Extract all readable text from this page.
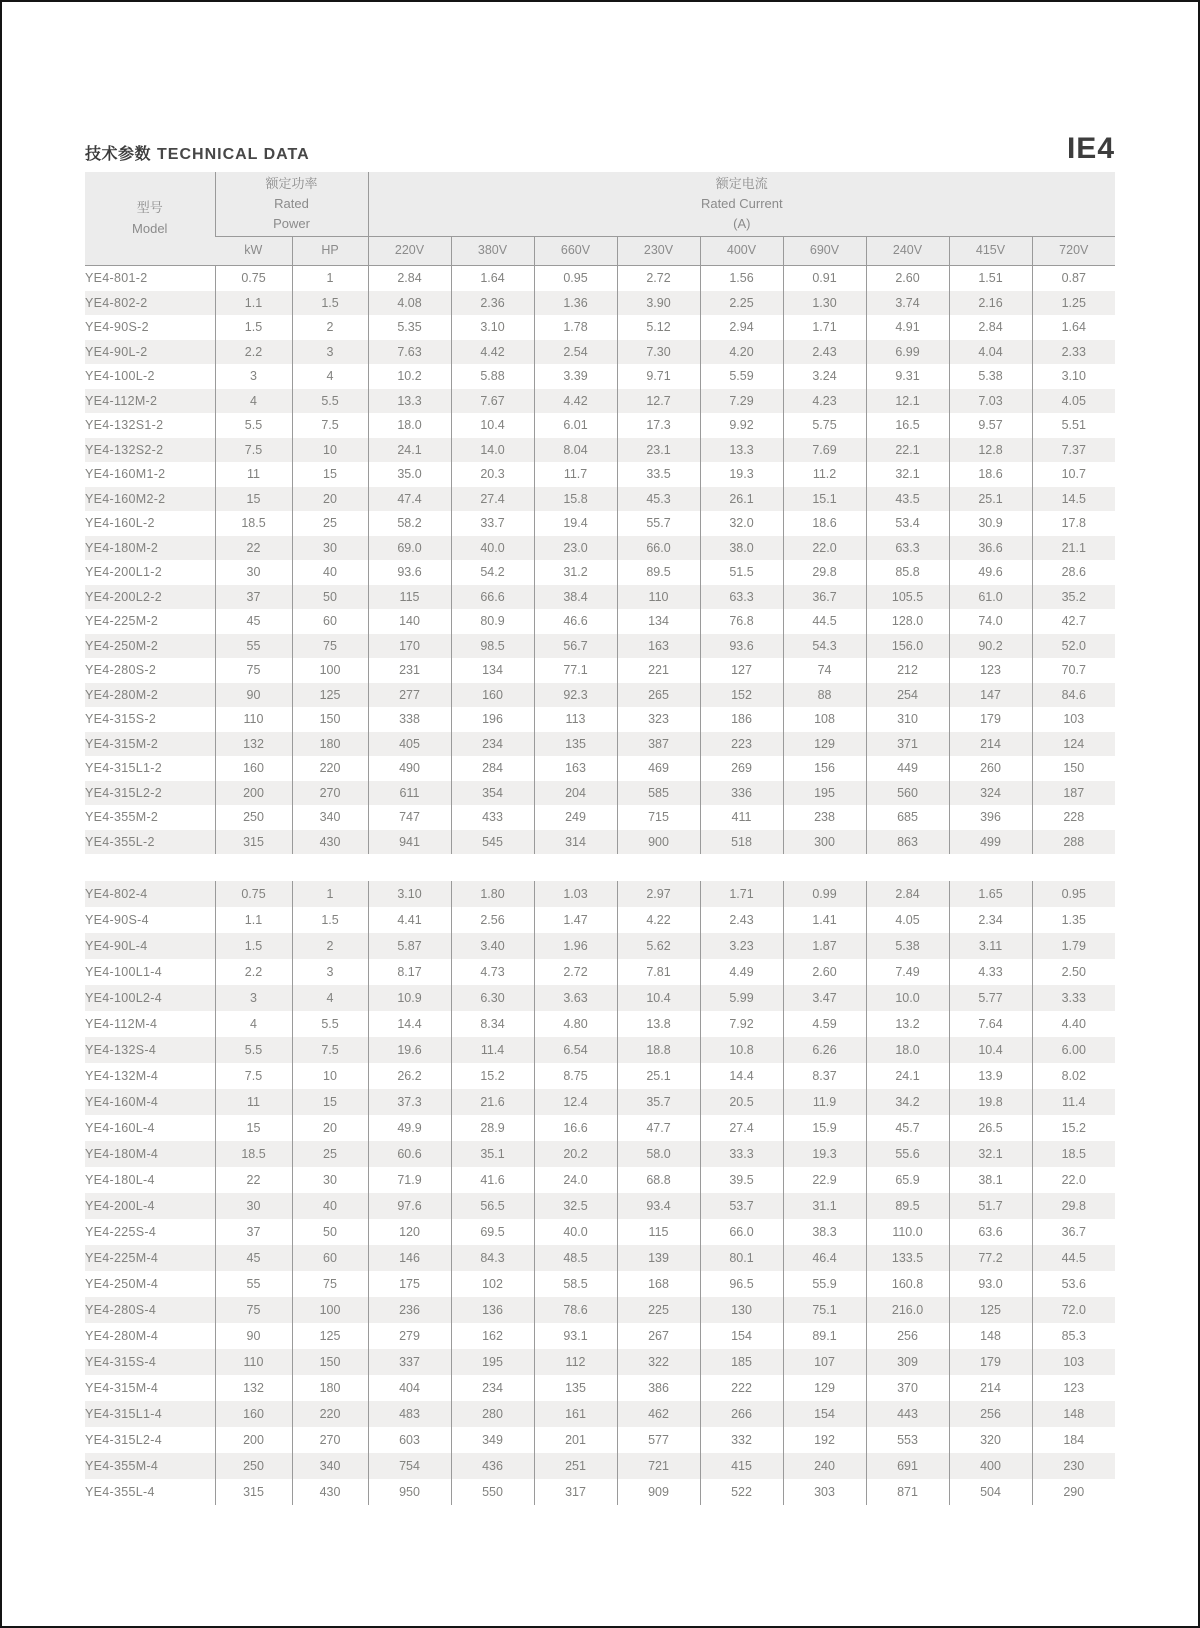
技术参数 TECHNICAL DATA	IE4
型号
Model

额定功率
Rated
Power

额定电流
Rated Current
(A)

	kW	HP	220V	380V	660V	230V	400V	690V	240V	415V	720V
YE4-801-2	0.75	1	2.84	1.64	0.95	2.72	1.56	0.91	2.60	1.51	0.87
YE4-802-2	1.1	1.5	4.08	2.36	1.36	3.90	2.25	1.30	3.74	2.16	1.25
YE4-90S-2	1.5	2	5.35	3.10	1.78	5.12	2.94	1.71	4.91	2.84	1.64
YE4-90L-2	2.2	3	7.63	4.42	2.54	7.30	4.20	2.43	6.99	4.04	2.33
YE4-100L-2	3	4	10.2	5.88	3.39	9.71	5.59	3.24	9.31	5.38	3.10
YE4-112M-2	4	5.5	13.3	7.67	4.42	12.7	7.29	4.23	12.1	7.03	4.05
YE4-132S1-2	5.5	7.5	18.0	10.4	6.01	17.3	9.92	5.75	16.5	9.57	5.51
YE4-132S2-2	7.5	10	24.1	14.0	8.04	23.1	13.3	7.69	22.1	12.8	7.37
YE4-160M1-2	11	15	35.0	20.3	11.7	33.5	19.3	11.2	32.1	18.6	10.7
YE4-160M2-2	15	20	47.4	27.4	15.8	45.3	26.1	15.1	43.5	25.1	14.5
YE4-160L-2	18.5	25	58.2	33.7	19.4	55.7	32.0	18.6	53.4	30.9	17.8
YE4-180M-2	22	30	69.0	40.0	23.0	66.0	38.0	22.0	63.3	36.6	21.1
YE4-200L1-2	30	40	93.6	54.2	31.2	89.5	51.5	29.8	85.8	49.6	28.6
YE4-200L2-2	37	50	115	66.6	38.4	110	63.3	36.7	105.5	61.0	35.2
YE4-225M-2	45	60	140	80.9	46.6	134	76.8	44.5	128.0	74.0	42.7
YE4-250M-2	55	75	170	98.5	56.7	163	93.6	54.3	156.0	90.2	52.0
YE4-280S-2	75	100	231	134	77.1	221	127	74	212	123	70.7
YE4-280M-2	90	125	277	160	92.3	265	152	88	254	147	84.6
YE4-315S-2	110	150	338	196	113	323	186	108	310	179	103
YE4-315M-2	132	180	405	234	135	387	223	129	371	214	124
YE4-315L1-2	160	220	490	284	163	469	269	156	449	260	150
YE4-315L2-2	200	270	611	354	204	585	336	195	560	324	187
YE4-355M-2	250	340	747	433	249	715	411	238	685	396	228
YE4-355L-2	315	430	941	545	314	900	518	300	863	499	288

YE4-802-4	0.75	1	3.10	1.80	1.03	2.97	1.71	0.99	2.84	1.65	0.95
YE4-90S-4	1.1	1.5	4.41	2.56	1.47	4.22	2.43	1.41	4.05	2.34	1.35
YE4-90L-4	1.5	2	5.87	3.40	1.96	5.62	3.23	1.87	5.38	3.11	1.79
YE4-100L1-4	2.2	3	8.17	4.73	2.72	7.81	4.49	2.60	7.49	4.33	2.50
YE4-100L2-4	3	4	10.9	6.30	3.63	10.4	5.99	3.47	10.0	5.77	3.33
YE4-112M-4	4	5.5	14.4	8.34	4.80	13.8	7.92	4.59	13.2	7.64	4.40
YE4-132S-4	5.5	7.5	19.6	11.4	6.54	18.8	10.8	6.26	18.0	10.4	6.00
YE4-132M-4	7.5	10	26.2	15.2	8.75	25.1	14.4	8.37	24.1	13.9	8.02
YE4-160M-4	11	15	37.3	21.6	12.4	35.7	20.5	11.9	34.2	19.8	11.4
YE4-160L-4	15	20	49.9	28.9	16.6	47.7	27.4	15.9	45.7	26.5	15.2
YE4-180M-4	18.5	25	60.6	35.1	20.2	58.0	33.3	19.3	55.6	32.1	18.5
YE4-180L-4	22	30	71.9	41.6	24.0	68.8	39.5	22.9	65.9	38.1	22.0
YE4-200L-4	30	40	97.6	56.5	32.5	93.4	53.7	31.1	89.5	51.7	29.8
YE4-225S-4	37	50	120	69.5	40.0	115	66.0	38.3	110.0	63.6	36.7
YE4-225M-4	45	60	146	84.3	48.5	139	80.1	46.4	133.5	77.2	44.5
YE4-250M-4	55	75	175	102	58.5	168	96.5	55.9	160.8	93.0	53.6
YE4-280S-4	75	100	236	136	78.6	225	130	75.1	216.0	125	72.0
YE4-280M-4	90	125	279	162	93.1	267	154	89.1	256	148	85.3
YE4-315S-4	110	150	337	195	112	322	185	107	309	179	103
YE4-315M-4	132	180	404	234	135	386	222	129	370	214	123
YE4-315L1-4	160	220	483	280	161	462	266	154	443	256	148
YE4-315L2-4	200	270	603	349	201	577	332	192	553	320	184
YE4-355M-4	250	340	754	436	251	721	415	240	691	400	230
YE4-355L-4	315	430	950	550	317	909	522	303	871	504	290
